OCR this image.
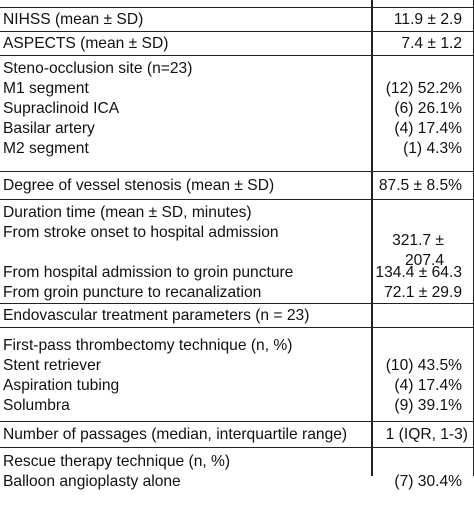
NIHSS (mean ± SD)	11.9 ± 2.9
ASPECTS (mean ± SD)	7.4 ± 1.2
Steno-occlusion site (n=23)
M1 segment	(12) 52.2%
Supraclinoid ICA	(6) 26.1%
Basilar artery	(4) 17.4%
M2 segment	(1) 4.3%
Degree of vessel stenosis (mean ± SD)	87.5 ± 8.5%
Duration time (mean ± SD, minutes)
From stroke onset to hospital admission	321.7 ±
207.4
From hospital admission to groin puncture	134.4 ± 64.3
From groin puncture to recanalization	72.1 ± 29.9
Endovascular treatment parameters (n = 23)
First-pass thrombectomy technique (n, %)
Stent retriever	(10) 43.5%
Aspiration tubing	(4) 17.4%
Solumbra	(9) 39.1%
Number of passages (median, interquartile range) 1 (IQR, 1-3)
Rescue therapy technique (n, %)
Balloon angioplasty alone	(7) 30.4%
